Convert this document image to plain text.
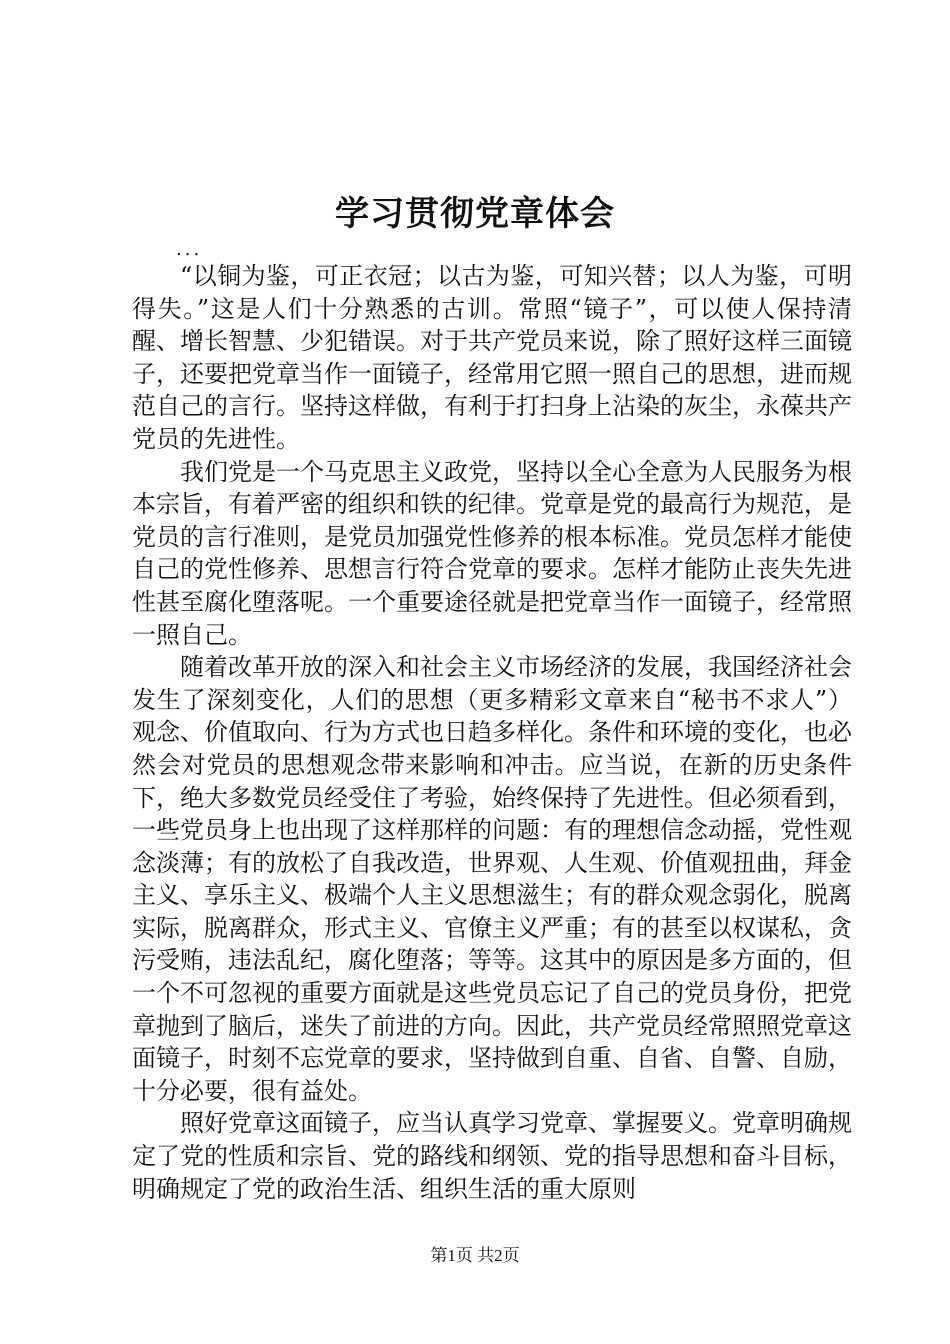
学习贯彻党章体会
...

“以铜为鉴，可正衣冠；以古为鉴，可知兴替；以人为鉴，可明得失。”这是人们十分熟悉的古训。常照“镜子”，可以使人保持清醒、增长智慧、少犯错误。对于共产党员来说，除了照好这样三面镜子，还要把党章当作一面镜子，经常用它照一照自己的思想，进而规范自己的言行。坚持这样做，有利于打扫身上沾染的灰尘，永葆共产党员的先进性。

我们党是一个马克思主义政党，坚持以全心全意为人民服务为根本宗旨，有着严密的组织和铁的纪律。党章是党的最高行为规范，是党员的言行准则，是党员加强党性修养的根本标准。党员怎样才能使自己的党性修养、思想言行符合党章的要求。怎样才能防止丧失先进性甚至腐化堕落呢。一个重要途径就是把党章当作一面镜子，经常照一照自己。

随着改革开放的深入和社会主义市场经济的发展，我国经济社会发生了深刻变化，人们的思想（更多精彩文章来自“秘书不求人”）观念、价值取向、行为方式也日趋多样化。条件和环境的变化，也必然会对党员的思想观念带来影响和冲击。应当说，在新的历史条件下，绝大多数党员经受住了考验，始终保持了先进性。但必须看到，一些党员身上也出现了这样那样的问题：有的理想信念动摇，党性观念淡薄；有的放松了自我改造，世界观、人生观、价值观扭曲，拜金主义、享乐主义、极端个人主义思想滋生；有的群众观念弱化，脱离实际，脱离群众，形式主义、官僚主义严重；有的甚至以权谋私，贪污受贿，违法乱纪，腐化堕落；等等。这其中的原因是多方面的，但一个不可忽视的重要方面就是这些党员忘记了自己的党员身份，把党章抛到了脑后，迷失了前进的方向。因此，共产党员经常照照党章这面镜子，时刻不忘党章的要求，坚持做到自重、自省、自警、自励，十分必要，很有益处。

照好党章这面镜子，应当认真学习党章、掌握要义。党章明确规定了党的性质和宗旨、党的路线和纲领、党的指导思想和奋斗目标，明确规定了党的政治生活、组织生活的重大原则

第1页 共2页
